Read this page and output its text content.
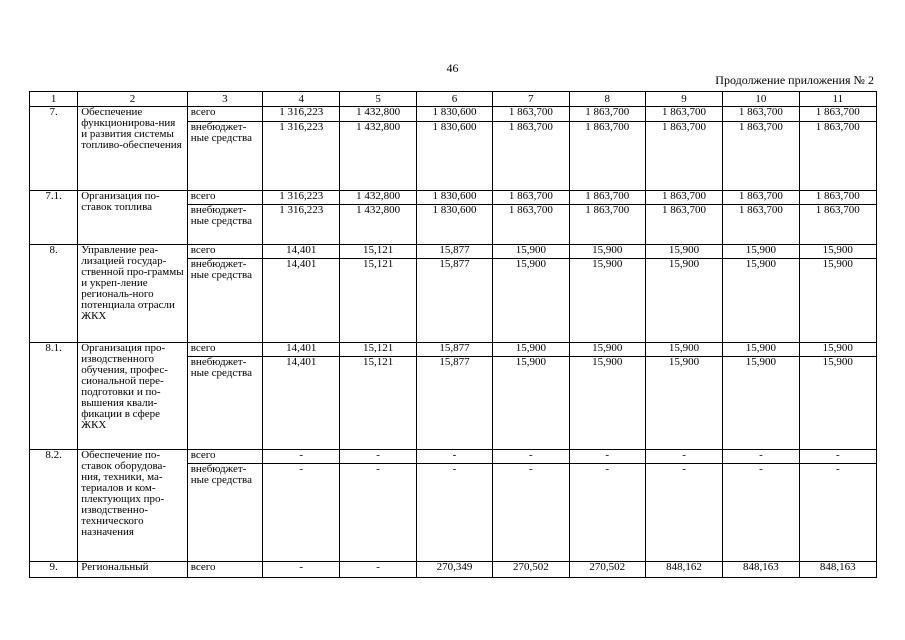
46
Продолжение приложения № 2
1	2	3	4	5	6	7	8	9	10	11
7.	Обеспечение функционирова-ния и развития системы топливо-обеспечения	всего	1 316,223	1 432,800	1 830,600	1 863,700	1 863,700	1 863,700	1 863,700	1 863,700
		внебюджет-ные средства	1 316,223	1 432,800	1 830,600	1 863,700	1 863,700	1 863,700	1 863,700	1 863,700
7.1.	Организация по-ставок топлива	всего	1 316,223	1 432,800	1 830,600	1 863,700	1 863,700	1 863,700	1 863,700	1 863,700
		внебюджет-ные средства	1 316,223	1 432,800	1 830,600	1 863,700	1 863,700	1 863,700	1 863,700	1 863,700
8.	Управление реа-лизацией государ-ственной про-граммы и укреп-ление региональ-ного потенциала отрасли ЖКХ	всего	14,401	15,121	15,877	15,900	15,900	15,900	15,900	15,900
		внебюджет-ные средства	14,401	15,121	15,877	15,900	15,900	15,900	15,900	15,900
8.1.	Организация про-изводственного обучения, профес-сиональной пере-подготовки и по-вышения квали-фикации в сфере ЖКХ	всего	14,401	15,121	15,877	15,900	15,900	15,900	15,900	15,900
		внебюджет-ные средства	14,401	15,121	15,877	15,900	15,900	15,900	15,900	15,900
8.2.	Обеспечение по-ставок оборудова-ния, техники, ма-териалов и ком-плектующих про-изводственно-технического назначения	всего	-	-	-	-	-	-	-	-
		внебюджет-ные средства	-	-	-	-	-	-	-	-
9.	Региональный	всего	-	-	270,349	270,502	270,502	848,162	848,163	848,163
